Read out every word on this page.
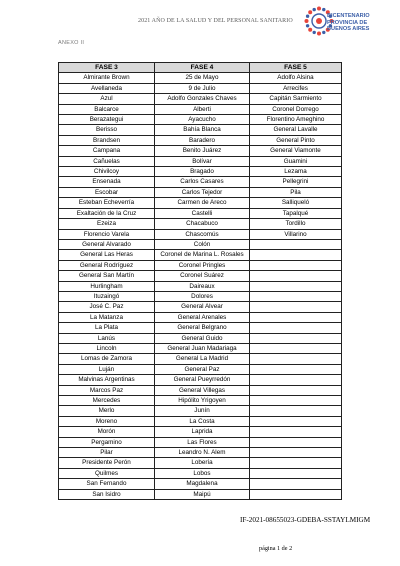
2021 AÑO DE LA SALUD Y DEL PERSONAL SANITARIO
BICENTENARIO
PROVINCIA DE
BUENOS AIRES
ANEXO II
FASE 3	FASE 4	FASE 5
Almirante Brown	25 de Mayo	Adolfo Alsina
Avellaneda	9 de Julio	Arrecifes
Azul	Adolfo Gonzales Chaves	Capitán Sarmiento
Balcarce	Alberti	Coronel Dorrego
Berazategui	Ayacucho	Florentino Ameghino
Berisso	Bahía Blanca	General Lavalle
Brandsen	Baradero	General Pinto
Campana	Benito Juárez	General Viamonte
Cañuelas	Bolívar	Guamini
Chivilcoy	Bragado	Lezama
Ensenada	Carlos Casares	Pellegrini
Escobar	Carlos Tejedor	Pila
Esteban Echeverría	Carmen de Areco	Salliqueló
Exaltación de la Cruz	Castelli	Tapalqué
Ezeiza	Chacabuco	Tordillo
Florencio Varela	Chascomús	Villarino
General Alvarado	Colón	
General Las Heras	Coronel de Marina L. Rosales	
General Rodríguez	Coronel Pringles	
General San Martín	Coronel Suárez	
Hurlingham	Daireaux	
Ituzaingó	Dolores	
José C. Paz	General Alvear	
La Matanza	General Arenales	
La Plata	General Belgrano	
Lanús	General Guido	
Lincoln	General Juan Madariaga	
Lomas de Zamora	General La Madrid	
Luján	General Paz	
Malvinas Argentinas	General Pueyrredón	
Marcos Paz	General Villegas	
Mercedes	Hipólito Yrigoyen	
Merlo	Junín	
Moreno	La Costa	
Morón	Laprida	
Pergamino	Las Flores	
Pilar	Leandro N. Alem	
Presidente Perón	Lobería	
Quilmes	Lobos	
San Fernando	Magdalena	
San Isidro	Maipú	
IF-2021-08655023-GDEBA-SSTAYLMIGM
página 1 de 2
